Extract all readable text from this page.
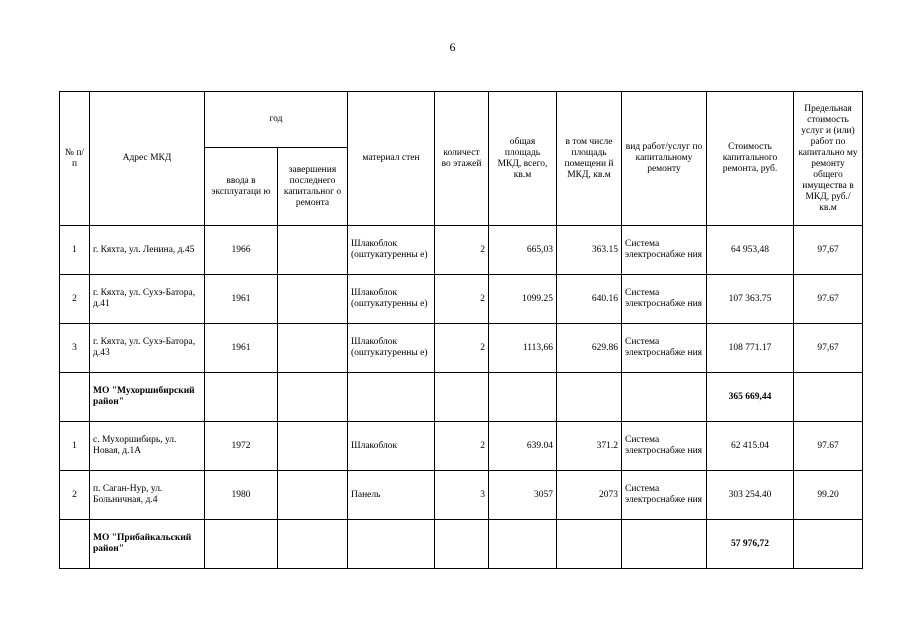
6
№ п/п	Адрес МКД	год		материал стен	количест во этажей	общая площадь МКД, всего, кв.м	в том числе площадь помещени й МКД, кв.м	вид работ/услуг по капитальному ремонту	Стоимость капитального ремонта, руб.	Предельная стоимость услуг и (или) работ по капитально му ремонту общего имущества в МКД, руб./кв.м
		ввода в эксплуатаци ю	завершения последнего капитальног о ремонта							
1	г. Кяхта, ул. Ленина, д.45	1966		Шлакоблок (оштукатуренны е)	2	665,03	363.15	Система электроснабже ния	64 953,48	97,67
2	г. Кяхта, ул. Сухэ-Батора, д.41	1961		Шлакоблок (оштукатуренны е)	2	1099.25	640.16	Система электроснабже ния	107 363.75	97.67
3	г. Кяхта, ул. Сухэ-Батора, д.43	1961		Шлакоблок (оштукатуренны е)	2	1113,66	629.86	Система электроснабже ния	108 771.17	97,67
	МО "Мухоршибирский район"								365 669,44	
1	с. Мухоршибирь, ул. Новая, д.1А	1972		Шлакоблок	2	639.04	371.2	Система электроснабже ния	62 415.04	97.67
2	п. Саган-Нур, ул. Больничная, д.4	1980		Панель	3	3057	2073	Система электроснабже ния	303 254.40	99.20
	МО "Прибайкальский район"								57 976,72	
